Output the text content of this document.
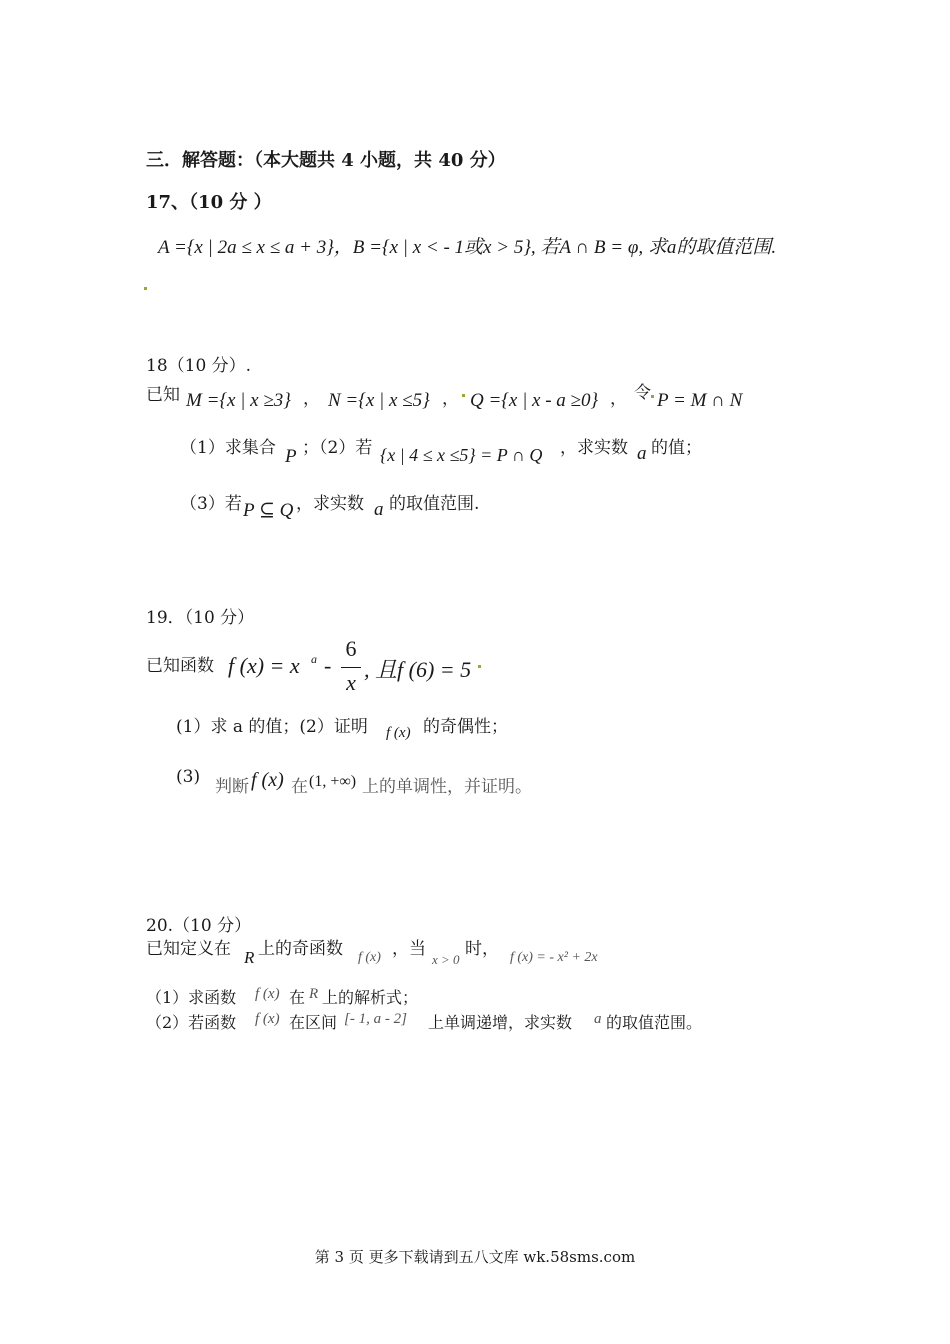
三．解答题：（本大题共 4 小题，共 40 分）
17、（10 分 ）
A ={x | 2a ≤ x ≤ a + 3}，B ={x | x < - 1或x > 5}, 若A ∩ B = φ, 求a的取值范围.
18（10 分）.
已知 M ={x | x ≥3} ， N ={x | x ≤5} ， Q ={x | x - a ≥0} ， 令 P = M ∩ N
（1）求集合 P ；（2）若 {x | 4 ≤ x ≤5} = P ∩ Q ，求实数 a 的值；
（3）若 P ⊆ Q ，求实数 a 的取值范围.
19．（10 分）
已知函数 f (x) = x a -
6
x
, 且f (6) = 5
(1）求 a 的值；(2）证明 f (x) 的奇偶性；
(3) 判断 f (x) 在 (1, +∞) 上的单调性，并证明。
20.（10 分）
已知定义在 R 上的奇函数 f (x) ，当
x > 0
时， f (x) = - x² + 2x
（1）求函数 f (x) 在 R 上的解析式；
（2）若函数 f (x) 在区间 [- 1, a - 2] 上单调递增，求实数 a 的取值范围。
第 3 页 更多下载请到五八文库 wk.58sms.com
